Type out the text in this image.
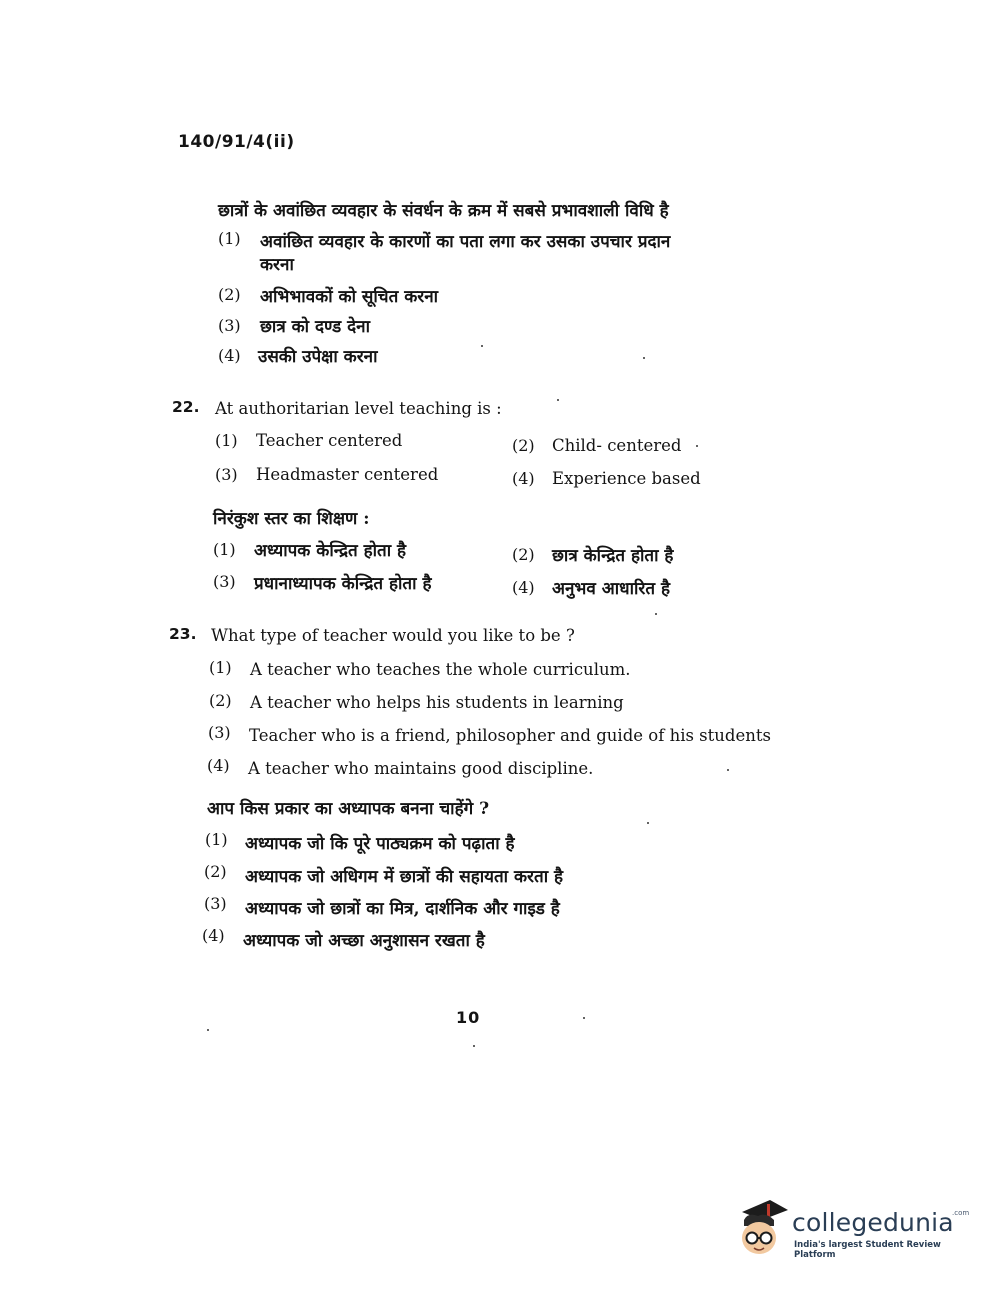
140/91/4(ii)
छात्रों के अवांछित व्यवहार के संवर्धन के क्रम में सबसे प्रभावशाली विधि है
(1) अवांछित व्यवहार के कारणों का पता लगा कर उसका उपचार प्रदान
करना
(2) अभिभावकों को सूचित करना
(3) छात्र को दण्ड देना
(4) उसकी उपेक्षा करना
22. At authoritarian level teaching is :
(1) Teacher centered	(2) Child- centered
(3) Headmaster centered	(4) Experience based
निरंकुश स्तर का शिक्षण :
(1) अध्यापक केन्द्रित होता है	(2) छात्र केन्द्रित होता है
(3) प्रधानाध्यापक केन्द्रित होता है	(4) अनुभव आधारित है
23. What type of teacher would you like to be ?
(1) A teacher who teaches the whole curriculum.
(2) A teacher who helps his students in learning
(3) Teacher who is a friend, philosopher and guide of his students
(4) A teacher who maintains good discipline.
आप किस प्रकार का अध्यापक बनना चाहेंगे ?
(1) अध्यापक जो कि पूरे पाठ्यक्रम को पढ़ाता है
(2) अध्यापक जो अधिगम में छात्रों की सहायता करता है
(3) अध्यापक जो छात्रों का मित्र, दार्शनिक और गाइड है
(4) अध्यापक जो अच्छा अनुशासन रखता है
10
collegedunia
.com
India's largest Student Review Platform
